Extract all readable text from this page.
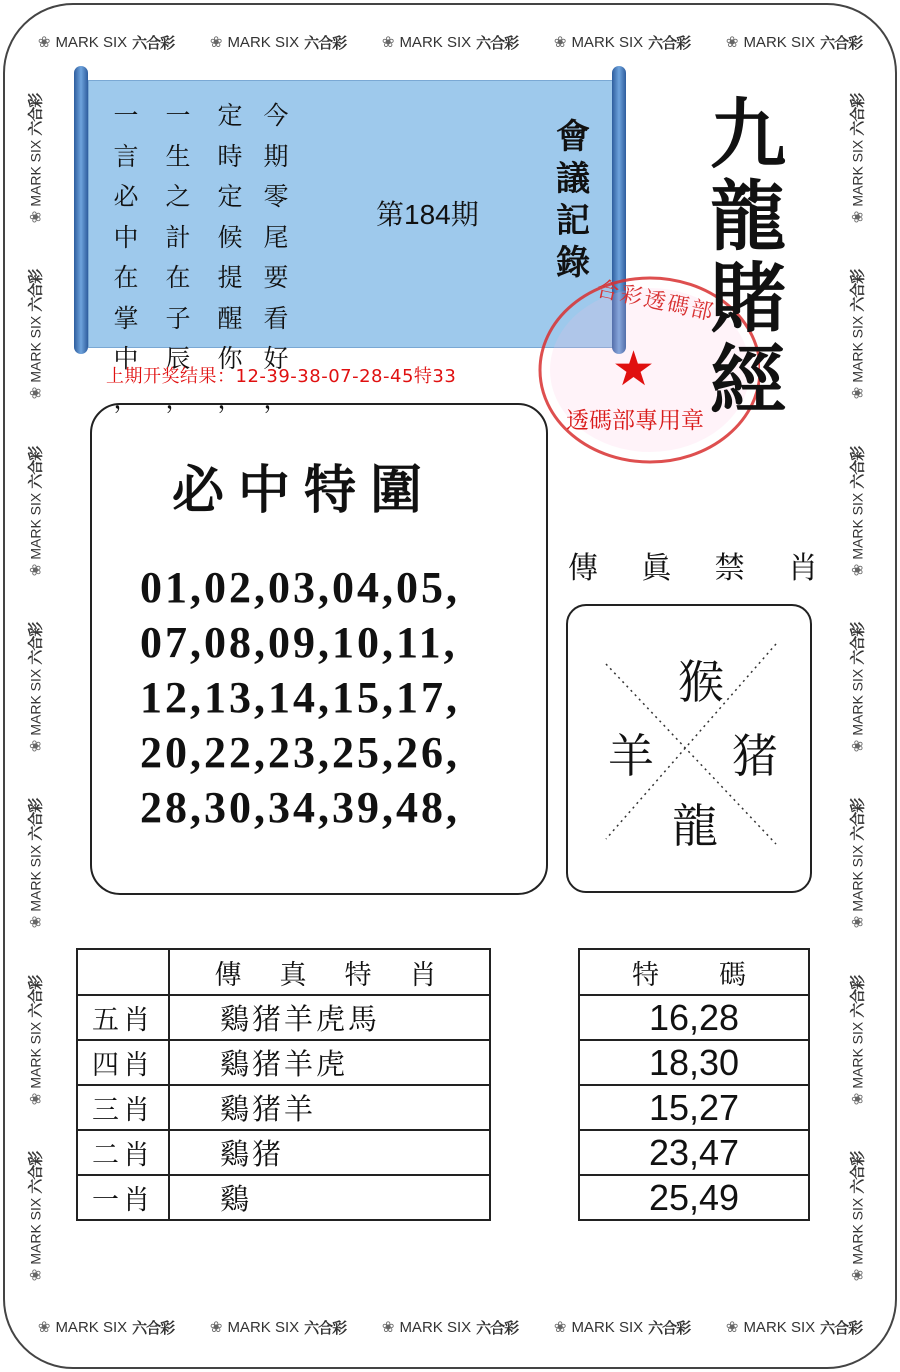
❀ MARK SIX 六合彩 ❀ MARK SIX 六合彩 ❀ MARK SIX 六合彩 ❀ MARK SIX 六合彩 ❀ MARK SIX 六合彩
❀ MARK SIX 六合彩 ❀ MARK SIX 六合彩 ❀ MARK SIX 六合彩 ❀ MARK SIX 六合彩 ❀ MARK SIX 六合彩
❀
MARK SIX
六合彩
❀
MARK SIX
六合彩
❀
MARK SIX
六合彩
❀
MARK SIX
六合彩
❀
MARK SIX
六合彩
❀
MARK SIX
六合彩
❀
MARK SIX
六合彩
❀
MARK SIX
六合彩
❀
MARK SIX
六合彩
❀
MARK SIX
六合彩
❀
MARK SIX
六合彩
❀
MARK SIX
六合彩
❀
MARK SIX
六合彩
❀
MARK SIX
六合彩
今
期
零
尾
要
看
好
，
定
時
定
候
提
醒
你
，
一
生
之
計
在
子
辰
，
一
言
必
中
在
掌
中
，
第184期
會
議
記
錄
合彩透碼部
★
透碼部專用章
九
龍
賭
經
上期开奖结果：12-39-38-07-28-45特33
必中特圍
01,02,03,04,05,
07,08,09,10,11,
12,13,14,15,17,
20,22,23,25,26,
28,30,34,39,48,
傳 眞 禁 肖
猴
羊 猪
龍
	傳真特肖
五肖	鷄猪羊虎馬
四肖	鷄猪羊虎
三肖	鷄猪羊
二肖	鷄猪
一肖	鷄
特碼
16,28
18,30
15,27
23,47
25,49
